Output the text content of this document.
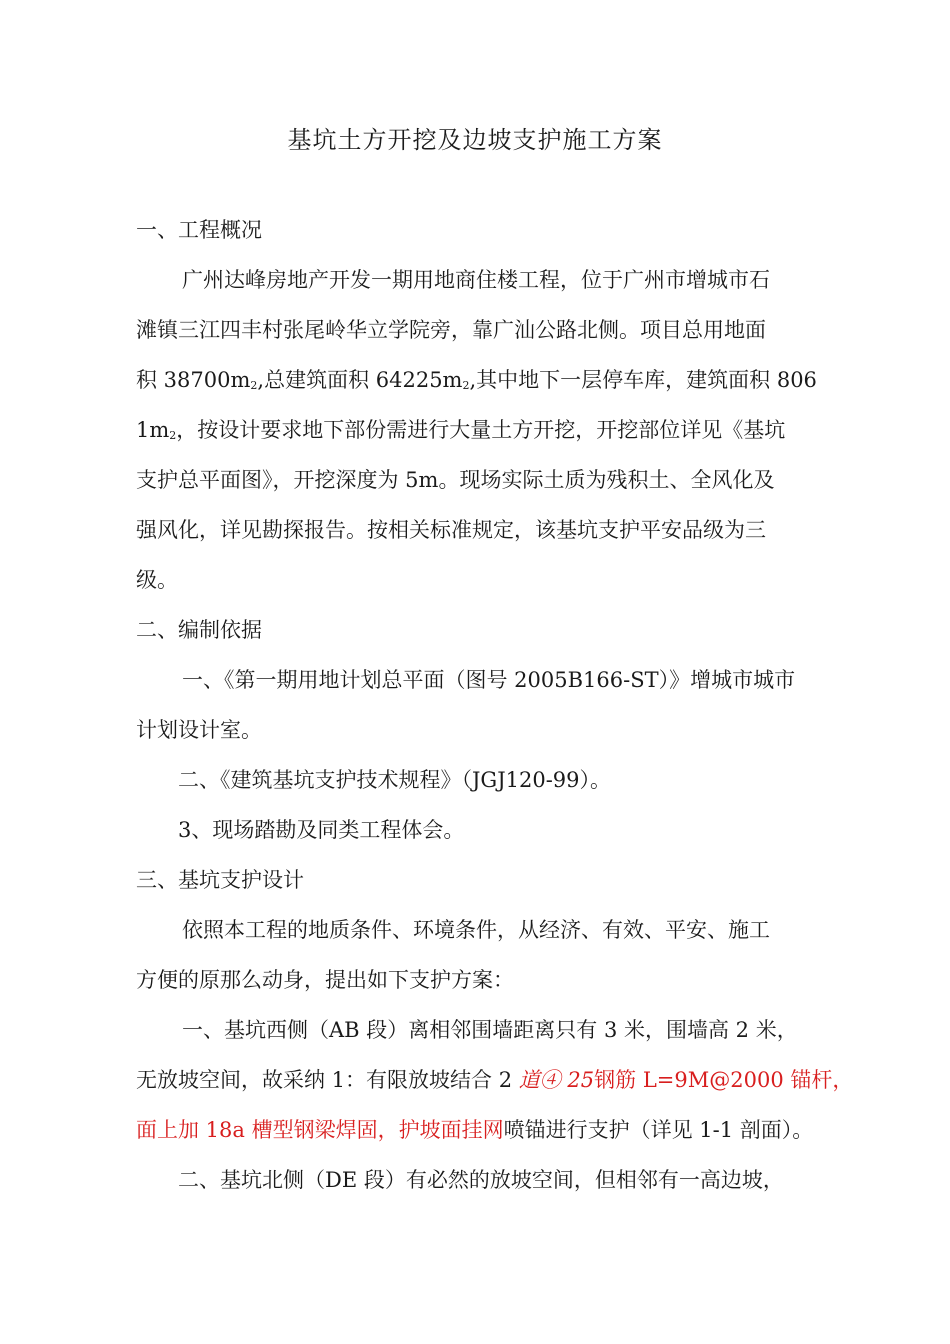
基坑土方开挖及边坡支护施工方案
一、工程概况
广州达峰房地产开发一期用地商住楼工程，位于广州市增城市石
滩镇三江四丰村张尾岭华立学院旁，靠广汕公路北侧。项目总用地面
积 $38700m_2$,总建筑面积 $64225m_2$,其中地下一层停车库，建筑面积 806
$1m_2$，按设计要求地下部份需进行大量土方开挖，开挖部位详见《基坑
支护总平面图》，开挖深度为 5m。现场实际土质为残积土、全风化及
强风化，详见勘探报告。按相关标准规定，该基坑支护平安品级为三
级。
二、编制依据
一、《第一期用地计划总平面（图号 2005B166-ST）》增城市城市
计划设计室。
二、《建筑基坑支护技术规程》（JGJ120-99）。
3、现场踏勘及同类工程体会。
三、基坑支护设计
依照本工程的地质条件、环境条件，从经济、有效、平安、施工
方便的原那么动身，提出如下支护方案：
一、基坑西侧（AB 段）离相邻围墙距离只有 3 米，围墙高 2 米，
无放坡空间，故采纳 1：有限放坡结合 2 道④ 25钢筋 L=9M@2000 锚杆，
面上加 18a 槽型钢梁焊固，护坡面挂网喷锚进行支护（详见 1-1 剖面）。
二、基坑北侧（DE 段）有必然的放坡空间，但相邻有一高边坡，
